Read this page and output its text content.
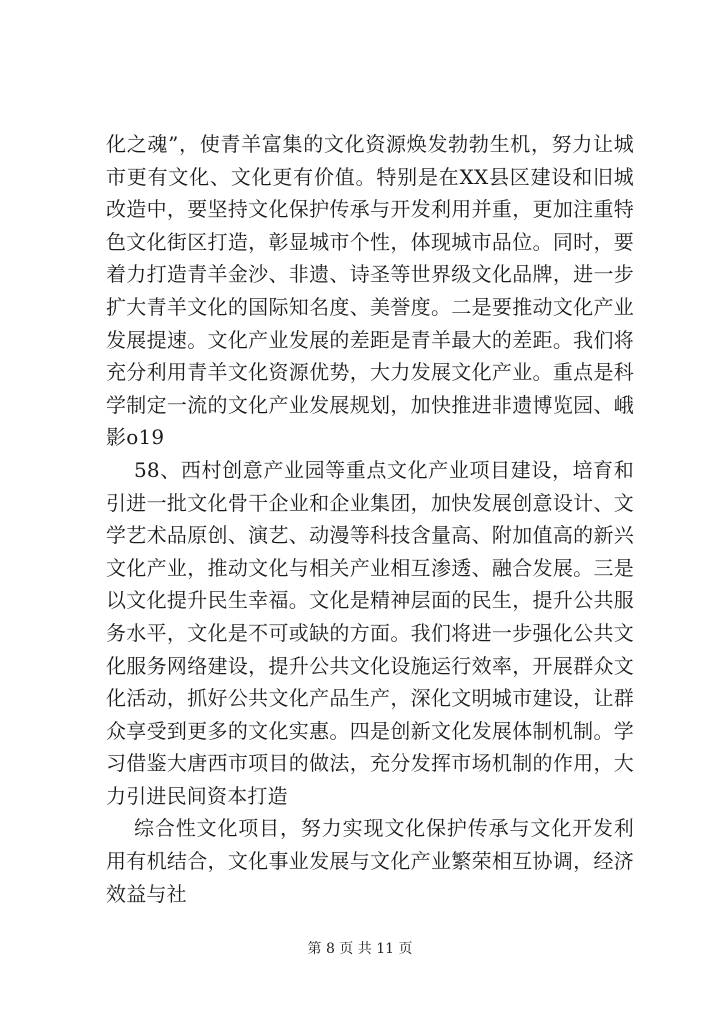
化之魂”，使青羊富集的文化资源焕发勃勃生机，努力让城市更有文化、文化更有价值。特别是在XX县区建设和旧城改造中，要坚持文化保护传承与开发利用并重，更加注重特色文化街区打造，彰显城市个性，体现城市品位。同时，要着力打造青羊金沙、非遗、诗圣等世界级文化品牌，进一步扩大青羊文化的国际知名度、美誉度。二是要推动文化产业发展提速。文化产业发展的差距是青羊最大的差距。我们将充分利用青羊文化资源优势，大力发展文化产业。重点是科学制定一流的文化产业发展规划，加快推进非遗博览园、峨影o19

58、西村创意产业园等重点文化产业项目建设，培育和引进一批文化骨干企业和企业集团，加快发展创意设计、文学艺术品原创、演艺、动漫等科技含量高、附加值高的新兴文化产业，推动文化与相关产业相互渗透、融合发展。三是以文化提升民生幸福。文化是精神层面的民生，提升公共服务水平，文化是不可或缺的方面。我们将进一步强化公共文化服务网络建设，提升公共文化设施运行效率，开展群众文化活动，抓好公共文化产品生产，深化文明城市建设，让群众享受到更多的文化实惠。四是创新文化发展体制机制。学习借鉴大唐西市项目的做法，充分发挥市场机制的作用，大力引进民间资本打造

综合性文化项目，努力实现文化保护传承与文化开发利用有机结合，文化事业发展与文化产业繁荣相互协调，经济效益与社

第 8 页 共 11 页
